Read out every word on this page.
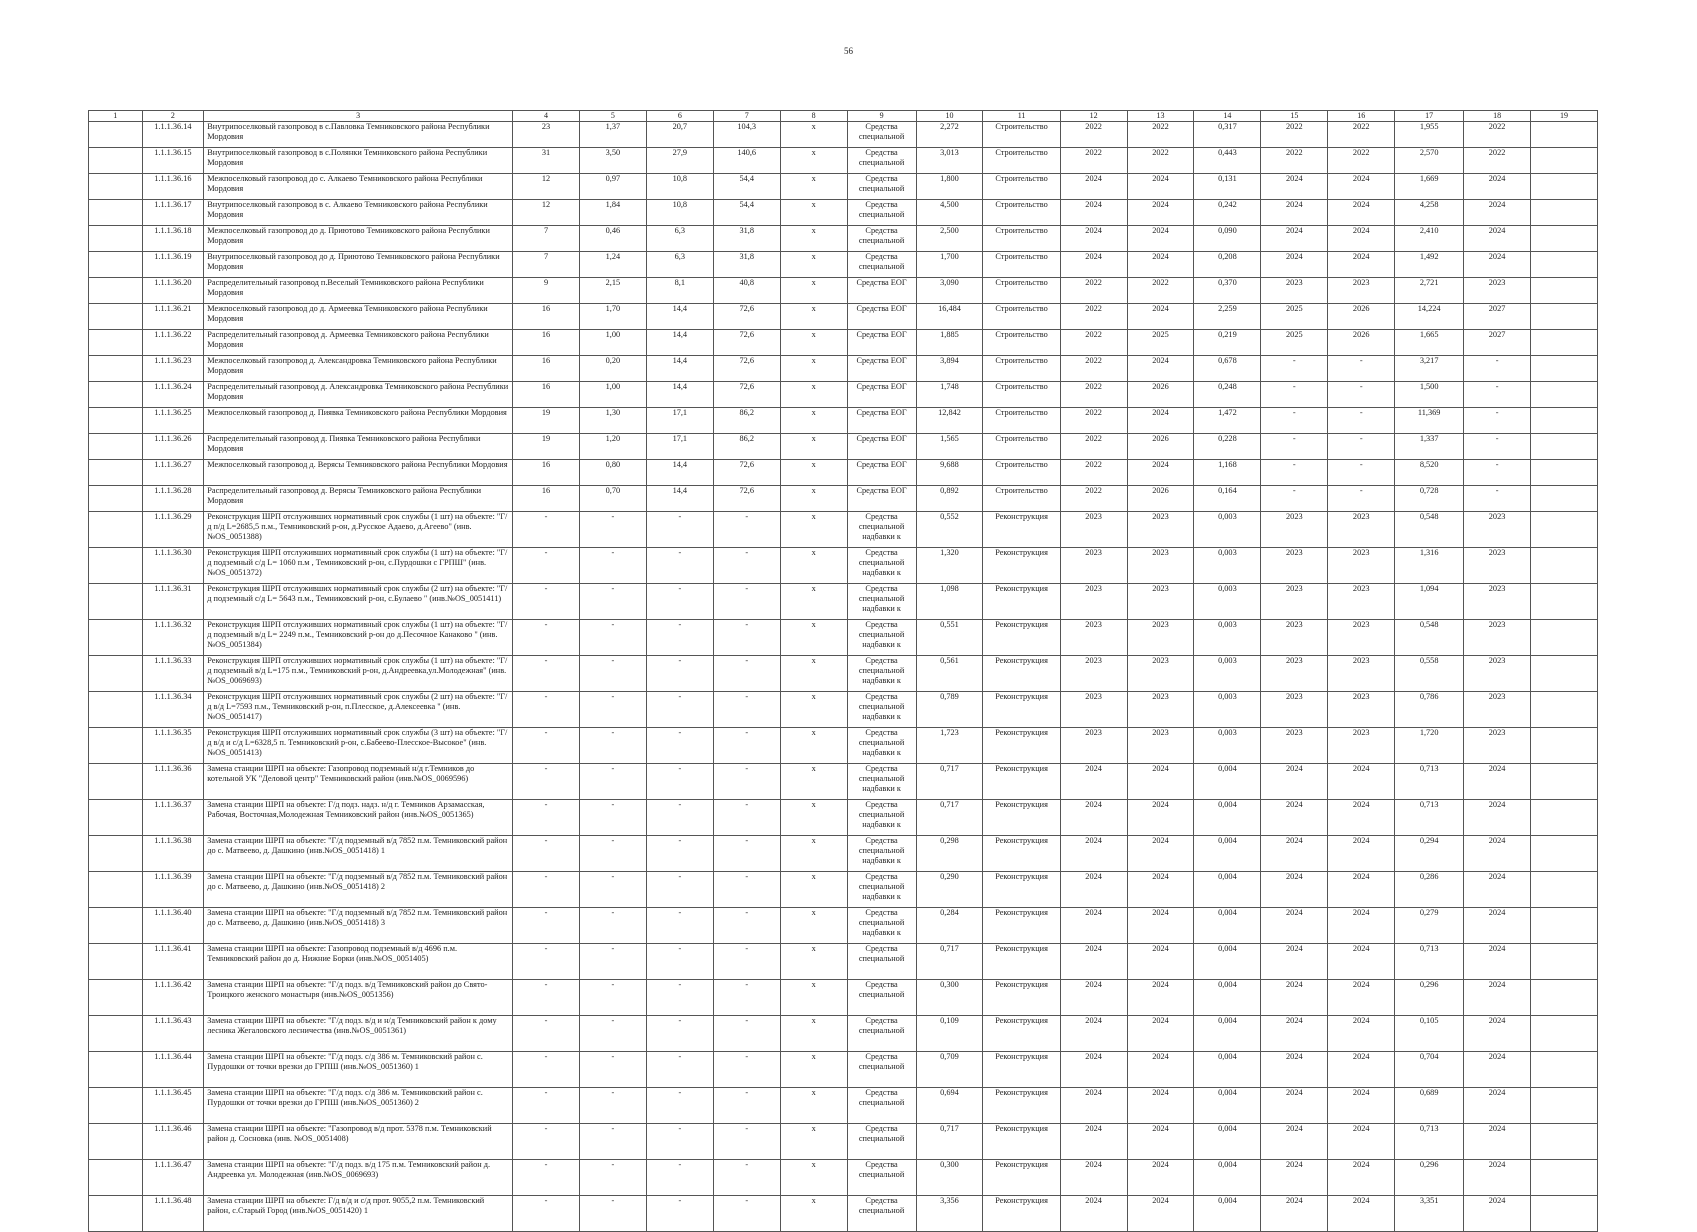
56
1	2	3	4	5	6	7	8	9	10	11	12	13	14	15	16	17	18	19

	1.1.1.36.14	Внутрипоселковый газопровод в с.Павловка Темниковского района Республики Мордовия	23	1,37	20,7	104,3	x	Средства специальной	2,272	Строительство	2022	2022	0,317	2022	2022	1,955	2022	

	1.1.1.36.15	Внутрипоселковый газопровод в с.Полянки Темниковского района Республики Мордовия	31	3,50	27,9	140,6	x	Средства специальной	3,013	Строительство	2022	2022	0,443	2022	2022	2,570	2022	

	1.1.1.36.16	Межпоселковый газопровод до с. Алкаево Темниковского района Республики Мордовия	12	0,97	10,8	54,4	x	Средства специальной	1,800	Строительство	2024	2024	0,131	2024	2024	1,669	2024	

	1.1.1.36.17	Внутрипоселковый газопровод в с. Алкаево Темниковского района Республики Мордовия	12	1,84	10,8	54,4	x	Средства специальной	4,500	Строительство	2024	2024	0,242	2024	2024	4,258	2024	

	1.1.1.36.18	Межпоселковый газопровод до д. Приютово Темниковского района Республики Мордовия	7	0,46	6,3	31,8	x	Средства специальной	2,500	Строительство	2024	2024	0,090	2024	2024	2,410	2024	

	1.1.1.36.19	Внутрипоселковый газопровод до д. Приютово Темниковского района Республики Мордовия	7	1,24	6,3	31,8	x	Средства специальной	1,700	Строительство	2024	2024	0,208	2024	2024	1,492	2024	

	1.1.1.36.20	Распределительный газопровод п.Веселый Темниковского района Республики Мордовия	9	2,15	8,1	40,8	x	Средства ЕОГ	3,090	Строительство	2022	2022	0,370	2023	2023	2,721	2023	

	1.1.1.36.21	Межпоселковый газопровод до д. Армеевка Темниковского района Республики Мордовия	16	1,70	14,4	72,6	x	Средства ЕОГ	16,484	Строительство	2022	2024	2,259	2025	2026	14,224	2027	

	1.1.1.36.22	Распределительный газопровод д. Армеевка Темниковского района Республики Мордовия	16	1,00	14,4	72,6	x	Средства ЕОГ	1,885	Строительство	2022	2025	0,219	2025	2026	1,665	2027	

	1.1.1.36.23	Межпоселковый газопровод д. Александровка Темниковского района Республики Мордовия	16	0,20	14,4	72,6	x	Средства ЕОГ	3,894	Строительство	2022	2024	0,678	-	-	3,217	-	

	1.1.1.36.24	Распределительный газопровод д. Александровка Темниковского района Республики Мордовия	16	1,00	14,4	72,6	x	Средства ЕОГ	1,748	Строительство	2022	2026	0,248	-	-	1,500	-	

	1.1.1.36.25	Межпоселковый газопровод д. Пиявка Темниковского района Республики Мордовия	19	1,30	17,1	86,2	x	Средства ЕОГ	12,842	Строительство	2022	2024	1,472	-	-	11,369	-	

	1.1.1.36.26	Распределительный газопровод д. Пиявка Темниковского района Республики Мордовия	19	1,20	17,1	86,2	x	Средства ЕОГ	1,565	Строительство	2022	2026	0,228	-	-	1,337	-	

	1.1.1.36.27	Межпоселковый газопровод д. Верясы Темниковского района Республики Мордовия	16	0,80	14,4	72,6	x	Средства ЕОГ	9,688	Строительство	2022	2024	1,168	-	-	8,520	-	

	1.1.1.36.28	Распределительный газопровод д. Верясы Темниковского района Республики Мордовия	16	0,70	14,4	72,6	x	Средства ЕОГ	0,892	Строительство	2022	2026	0,164	-	-	0,728	-	

	1.1.1.36.29	Реконструкция ШРП отслуживших нормативный срок службы (1 шт) на объекте: "Г/д п/д L=2685,5 п.м., Темниковский р-он, д.Русское Адаево, д.Агеево" (инв.№OS_0051388)	-	-	-	-	x	Средства специальной надбавки к	0,552	Реконструкция	2023	2023	0,003	2023	2023	0,548	2023	

	1.1.1.36.30	Реконструкция ШРП отслуживших нормативный срок службы (1 шт) на объекте: "Г/д подземный с/д L= 1060 п.м , Темниковский р-он, с.Пурдошки с ГРПШ" (инв.№OS_0051372)	-	-	-	-	x	Средства специальной надбавки к	1,320	Реконструкция	2023	2023	0,003	2023	2023	1,316	2023	

	1.1.1.36.31	Реконструкция ШРП отслуживших нормативный срок службы (2 шт) на объекте: "Г/д подземный с/д L= 5643 п.м., Темниковский р-он, с.Булаево " (инв.№OS_0051411)	-	-	-	-	x	Средства специальной надбавки к	1,098	Реконструкция	2023	2023	0,003	2023	2023	1,094	2023	

	1.1.1.36.32	Реконструкция ШРП отслуживших нормативный срок службы (1 шт) на объекте: "Г/д подземный в/д L= 2249 п.м., Темниковский р-он до д.Песочное Канаково " (инв.№OS_0051384)	-	-	-	-	x	Средства специальной надбавки к	0,551	Реконструкция	2023	2023	0,003	2023	2023	0,548	2023	

	1.1.1.36.33	Реконструкция ШРП отслуживших нормативный срок службы (1 шт) на объекте: "Г/д подземный в/д L=175 п.м., Темниковский р-он, д.Андреевка,ул.Молодежная" (инв.№OS_0069693)	-	-	-	-	x	Средства специальной надбавки к	0,561	Реконструкция	2023	2023	0,003	2023	2023	0,558	2023	

	1.1.1.36.34	Реконструкция ШРП отслуживших нормативный срок службы (2 шт) на объекте: "Г/д в/д L=7593 п.м., Темниковский р-он, п.Плесское, д.Алексеевка " (инв.№OS_0051417)	-	-	-	-	x	Средства специальной надбавки к	0,789	Реконструкция	2023	2023	0,003	2023	2023	0,786	2023	

	1.1.1.36.35	Реконструкция ШРП отслуживших нормативный срок службы (3 шт) на объекте: "Г/д в/д и с/д L=6328,5 п. Темниковский р-он, с.Бабеево-Плесское-Высокое" (инв.№OS_0051413)	-	-	-	-	x	Средства специальной надбавки к	1,723	Реконструкция	2023	2023	0,003	2023	2023	1,720	2023	

	1.1.1.36.36	Замена станции ШРП на объекте: Газопровод подземный н/д г.Темников до котельной УК "Деловой центр" Темниковский район (инв.№OS_0069596)	-	-	-	-	x	Средства специальной надбавки к	0,717	Реконструкция	2024	2024	0,004	2024	2024	0,713	2024	

	1.1.1.36.37	Замена станции ШРП на объекте: Г/д подз. надз. н/д г. Темников Арзамасская, Рабочая, Восточная,Молодежная Темниковский район (инв.№OS_0051365)	-	-	-	-	x	Средства специальной надбавки к	0,717	Реконструкция	2024	2024	0,004	2024	2024	0,713	2024	

	1.1.1.36.38	Замена станции ШРП на объекте: "Г/д подземный в/д 7852 п.м. Темниковский район до с. Матвеево, д. Дашкино (инв.№OS_0051418) 1	-	-	-	-	x	Средства специальной надбавки к	0,298	Реконструкция	2024	2024	0,004	2024	2024	0,294	2024	

	1.1.1.36.39	Замена станции ШРП на объекте: "Г/д подземный в/д 7852 п.м. Темниковский район до с. Матвеево, д. Дашкино (инв.№OS_0051418) 2	-	-	-	-	x	Средства специальной надбавки к	0,290	Реконструкция	2024	2024	0,004	2024	2024	0,286	2024	

	1.1.1.36.40	Замена станции ШРП на объекте: "Г/д подземный в/д 7852 п.м. Темниковский район до с. Матвеево, д. Дашкино (инв.№OS_0051418) 3	-	-	-	-	x	Средства специальной надбавки к	0,284	Реконструкция	2024	2024	0,004	2024	2024	0,279	2024	

	1.1.1.36.41	Замена станции ШРП на объекте: Газопровод подземный в/д 4696 п.м. Темниковский район до д. Нижние Борки (инв.№OS_0051405)	-	-	-	-	x	Средства специальной	0,717	Реконструкция	2024	2024	0,004	2024	2024	0,713	2024	

	1.1.1.36.42	Замена станции ШРП на объекте: "Г/д подз. в/д Темниковский район до Свято-Троицкого женского монастыря (инв.№OS_0051356)	-	-	-	-	x	Средства специальной	0,300	Реконструкция	2024	2024	0,004	2024	2024	0,296	2024	

	1.1.1.36.43	Замена станции ШРП на объекте: "Г/д подз. в/д и н/д Темниковский район к дому лесника Жегаловского лесничества (инв.№OS_0051361)	-	-	-	-	x	Средства специальной	0,109	Реконструкция	2024	2024	0,004	2024	2024	0,105	2024	

	1.1.1.36.44	Замена станции ШРП на объекте: "Г/д подз. с/д 386 м. Темниковский район с. Пурдошки от точки врезки до ГРПШ (инв.№OS_0051360) 1	-	-	-	-	x	Средства специальной	0,709	Реконструкция	2024	2024	0,004	2024	2024	0,704	2024	

	1.1.1.36.45	Замена станции ШРП на объекте: "Г/д подз. с/д 386 м. Темниковский район с. Пурдошки от точки врезки до ГРПШ (инв.№OS_0051360) 2	-	-	-	-	x	Средства специальной	0,694	Реконструкция	2024	2024	0,004	2024	2024	0,689	2024	

	1.1.1.36.46	Замена станции ШРП на объекте: "Газопровод в/д прот. 5378 п.м. Темниковский район д. Сосновка (инв. №OS_0051408)	-	-	-	-	x	Средства специальной	0,717	Реконструкция	2024	2024	0,004	2024	2024	0,713	2024	

	1.1.1.36.47	Замена станции ШРП на объекте: "Г/д подз. в/д 175 п.м. Темниковский район д. Андреевка ул. Молодежная (инв.№OS_0069693)	-	-	-	-	x	Средства специальной	0,300	Реконструкция	2024	2024	0,004	2024	2024	0,296	2024	

	1.1.1.36.48	Замена станции ШРП на объекте: Г/д в/д и с/д прот. 9055,2 п.м. Темниковский район, с.Старый Город (инв.№OS_0051420) 1	-	-	-	-	x	Средства специальной	3,356	Реконструкция	2024	2024	0,004	2024	2024	3,351	2024	
